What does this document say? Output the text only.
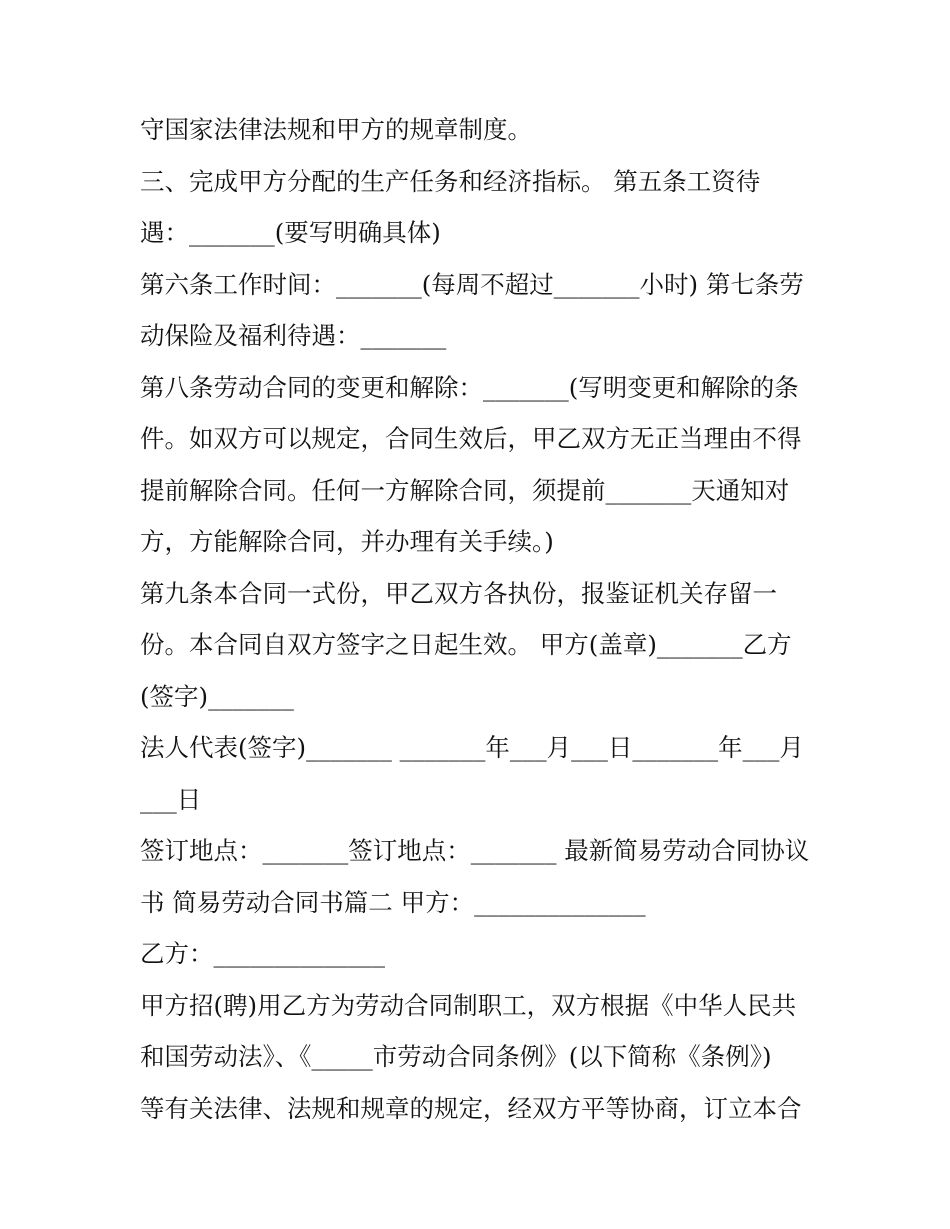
守国家法律法规和甲方的规章制度。
三、完成甲方分配的生产任务和经济指标。 第五条工资待
遇：_______(要写明确具体)
第六条工作时间：_______(每周不超过_______小时) 第七条劳
动保险及福利待遇：_______
第八条劳动合同的变更和解除：_______(写明变更和解除的条
件。如双方可以规定，合同生效后，甲乙双方无正当理由不得
提前解除合同。任何一方解除合同，须提前_______天通知对
方，方能解除合同，并办理有关手续。)
第九条本合同一式份，甲乙双方各执份，报鉴证机关存留一
份。本合同自双方签字之日起生效。 甲方(盖章)_______乙方
(签字)_______
法人代表(签字)_______ _______年___月___日_______年___月
___日
签订地点：_______签订地点：_______ 最新简易劳动合同协议
书 简易劳动合同书篇二 甲方：______________
乙方：______________
甲方招(聘)用乙方为劳动合同制职工，双方根据《中华人民共
和国劳动法》、《_____市劳动合同条例》(以下简称《条例》)
等有关法律、法规和规章的规定，经双方平等协商，订立本合
